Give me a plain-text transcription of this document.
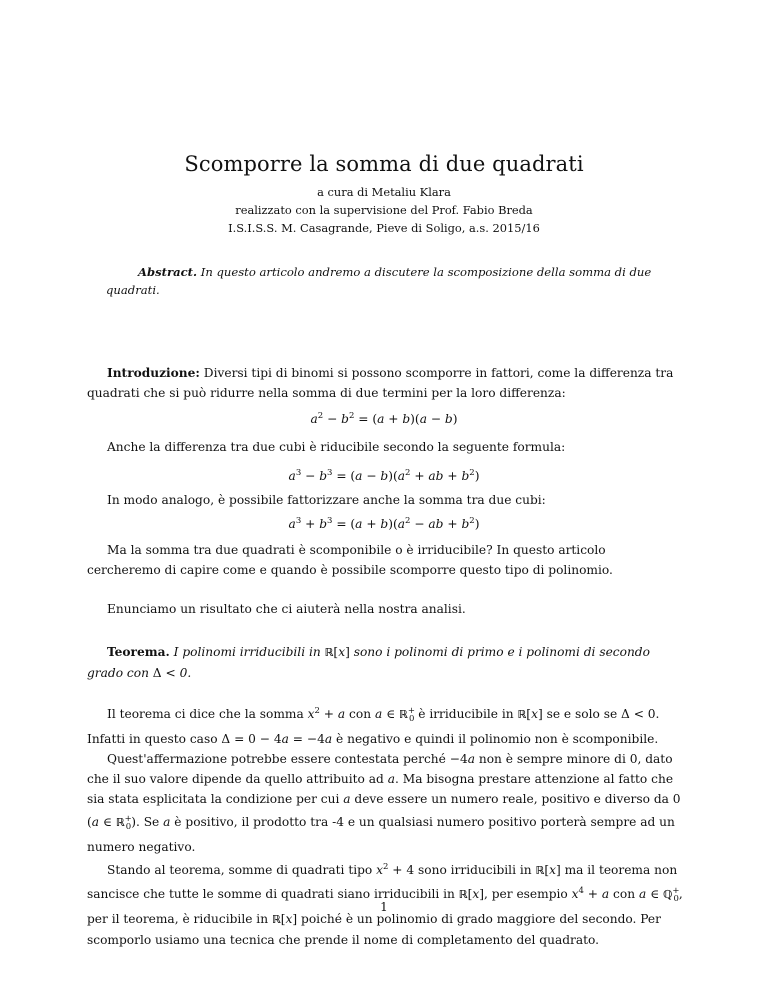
Scomporre la somma di due quadrati
a cura di Metaliu Klara
realizzato con la supervisione del Prof. Fabio Breda
I.S.I.S.S. M. Casagrande, Pieve di Soligo, a.s. 2015/16
Abstract. In questo articolo andremo a discutere la scomposizione della somma di due quadrati.
Introduzione: Diversi tipi di binomi si possono scomporre in fattori, come la differenza tra quadrati che si può ridurre nella somma di due termini per la loro differenza:
$a^2 - b^2 = (a + b)(a - b)$
Anche la differenza tra due cubi è riducibile secondo la seguente formula:
$a^3 - b^3 = (a - b)(a^2$ + ab + $b^2$)
In modo analogo, è possibile fattorizzare anche la somma tra due cubi:
$a^3 + b^3 = (a + b)(a^2$ − ab + $b^2$)
Ma la somma tra due quadrati è scomponibile o è irriducibile? In questo articolo cercheremo di capire come e quando è possibile scomporre questo tipo di polinomio.
Enunciamo un risultato che ci aiuterà nella nostra analisi.
Teorema. I polinomi irriducibili in ℝ[x] sono i polinomi di primo e i polinomi di secondo grado con Δ < 0.
Il teorema ci dice che la somma $x^2 + a$ con a ∈ ℝ+$_0$ è irriducibile in ℝ[x] se e solo se Δ < 0.
Infatti in questo caso Δ = 0 − 4a = −4a è negativo e quindi il polinomio non è scomponibile.
Quest'affermazione potrebbe essere contestata perché −4a non è sempre minore di 0, dato che il suo valore dipende da quello attribuito ad a. Ma bisogna prestare attenzione al fatto che sia stata esplicitata la condizione per cui a deve essere un numero reale, positivo e diverso da 0 (a ∈ ℝ+$_0$). Se a è positivo, il prodotto tra -4 e un qualsiasi numero positivo porterà sempre ad un numero negativo.
Stando al teorema, somme di quadrati tipo $x^2 + 4$ sono irriducibili in ℝ[x] ma il teorema non sancisce che tutte le somme di quadrati siano irriducibili in ℝ[x], per esempio $x^4 + a$ con a ∈ ℚ+$_0$, per il teorema, è riducibile in ℝ[x] poiché è un polinomio di grado maggiore del secondo. Per scomporlo usiamo una tecnica che prende il nome di completamento del quadrato.
1
